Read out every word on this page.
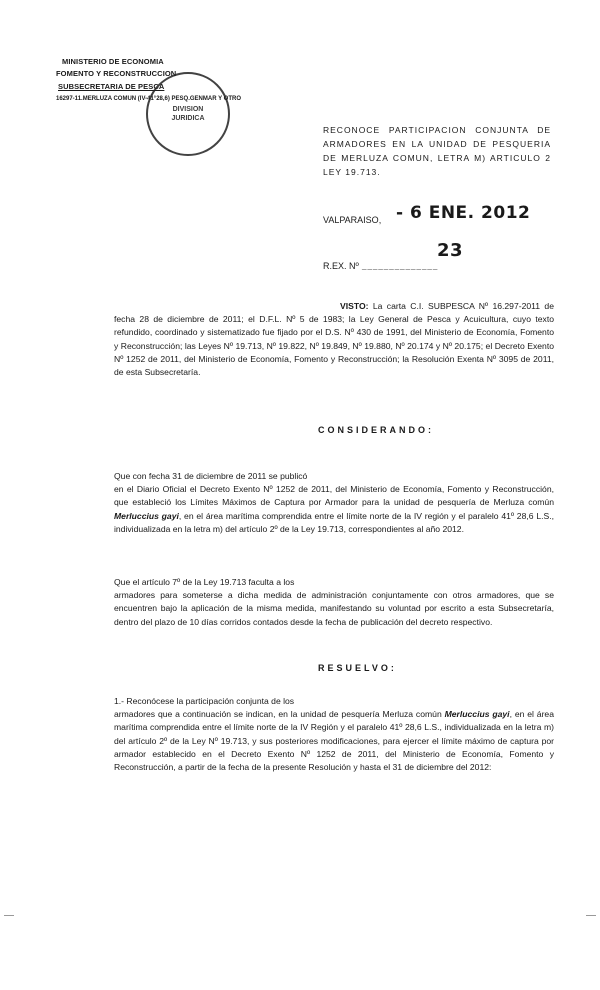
MINISTERIO DE ECONOMIA
FOMENTO Y RECONSTRUCCION
SUBSECRETARIA DE PESCA
16297-11.MERLUZA COMUN (IV-41°28,6) PESQ.GENMAR Y OTRO
DIVISION
JURIDICA
RECONOCE PARTICIPACION CONJUNTA DE ARMADORES EN LA UNIDAD DE PESQUERIA DE MERLUZA COMUN, LETRA M) ARTICULO 2 LEY 19.713.
VALPARAISO, - 6 ENE. 2012
R.EX. Nº ______________
23
VISTO: La carta C.I. SUBPESCA Nº 16.297-2011 de fecha 28 de diciembre de 2011; el D.F.L. Nº 5 de 1983; la Ley General de Pesca y Acuicultura, cuyo texto refundido, coordinado y sistematizado fue fijado por el D.S. Nº 430 de 1991, del Ministerio de Economía, Fomento y Reconstrucción; las Leyes Nº 19.713, Nº 19.822, Nº 19.849, Nº 19.880, Nº 20.174 y Nº 20.175; el Decreto Exento Nº 1252 de 2011, del Ministerio de Economía, Fomento y Reconstrucción; la Resolución Exenta Nº 3095 de 2011, de esta Subsecretaría.
CONSIDERANDO:
Que con fecha 31 de diciembre de 2011 se publicó
en el Diario Oficial el Decreto Exento Nº 1252 de 2011, del Ministerio de Economía, Fomento y Reconstrucción, que estableció los Límites Máximos de Captura por Armador para la unidad de pesquería de Merluza común Merluccius gayi, en el área marítima comprendida entre el límite norte de la IV región y el paralelo 41º 28,6 L.S., individualizada en la letra m) del artículo 2º de la Ley 19.713, correspondientes al año 2012.
Que el artículo 7º de la Ley 19.713 faculta a los
armadores para someterse a dicha medida de administración conjuntamente con otros armadores, que se encuentren bajo la aplicación de la misma medida, manifestando su voluntad por escrito a esta Subsecretaría, dentro del plazo de 10 días corridos contados desde la fecha de publicación del decreto respectivo.
RESUELVO:
1.- Reconócese la participación conjunta de los
armadores que a continuación se indican, en la unidad de pesquería Merluza común Merluccius gayi, en el área marítima comprendida entre el límite norte de la IV Región y el paralelo 41º 28,6 L.S., individualizada en la letra m) del artículo 2º de la Ley Nº 19.713, y sus posteriores modificaciones, para ejercer el límite máximo de captura por armador establecido en el Decreto Exento Nº 1252 de 2011, del Ministerio de Economía, Fomento y Reconstrucción, a partir de la fecha de la presente Resolución y hasta el 31 de diciembre del 2012:
